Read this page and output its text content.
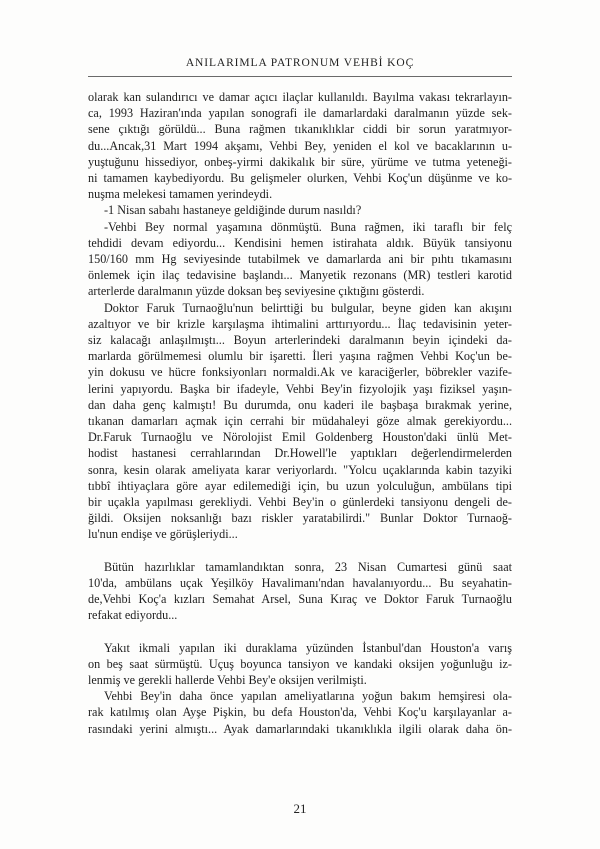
ANILARIMLA PATRONUM VEHBİ KOÇ
olarak kan sulandırıcı ve damar açıcı ilaçlar kullanıldı. Bayılma vakası tekrarlayın-
ca, 1993 Haziran'ında yapılan sonografi ile damarlardaki daralmanın yüzde sek-
sene çıktığı görüldü... Buna rağmen tıkanıklıklar ciddi bir sorun yaratmıyor-
du...Ancak,31 Mart 1994 akşamı, Vehbi Bey, yeniden el kol ve bacaklarının u-
yuştuğunu hissediyor, onbeş-yirmi dakikalık bir süre, yürüme ve tutma yeteneği-
ni tamamen kaybediyordu. Bu gelişmeler olurken, Vehbi Koç'un düşünme ve ko-
nuşma melekesi tamamen yerindeydi.
-1 Nisan sabahı hastaneye geldiğinde durum nasıldı?
-Vehbi Bey normal yaşamına dönmüştü. Buna rağmen, iki taraflı bir felç
tehdidi devam ediyordu... Kendisini hemen istirahata aldık. Büyük tansiyonu
150/160 mm Hg seviyesinde tutabilmek ve damarlarda ani bir pıhtı tıkamasını
önlemek için ilaç tedavisine başlandı... Manyetik rezonans (MR) testleri karotid
arterlerde daralmanın yüzde doksan beş seviyesine çıktığını gösterdi.
Doktor Faruk Turnaoğlu'nun belirttiği bu bulgular, beyne giden kan akışını
azaltıyor ve bir krizle karşılaşma ihtimalini arttırıyordu... İlaç tedavisinin yeter-
siz kalacağı anlaşılmıştı... Boyun arterlerindeki daralmanın beyin içindeki da-
marlarda görülmemesi olumlu bir işaretti. İleri yaşına rağmen Vehbi Koç'un be-
yin dokusu ve hücre fonksiyonları normaldi.Ak ve karaciğerler, böbrekler vazife-
lerini yapıyordu. Başka bir ifadeyle, Vehbi Bey'in fizyolojik yaşı fiziksel yaşın-
dan daha genç kalmıştı! Bu durumda, onu kaderi ile başbaşa bırakmak yerine,
tıkanan damarları açmak için cerrahi bir müdahaleyi göze almak gerekiyordu...
Dr.Faruk Turnaoğlu ve Nörolojist Emil Goldenberg Houston'daki ünlü Met-
hodist hastanesi cerrahlarından Dr.Howell'le yaptıkları değerlendirmelerden
sonra, kesin olarak ameliyata karar veriyorlardı. "Yolcu uçaklarında kabin tazyiki
tıbbî ihtiyaçlara göre ayar edilemediği için, bu uzun yolculuğun, ambülans tipi
bir uçakla yapılması gerekliydi. Vehbi Bey'in o günlerdeki tansiyonu dengeli de-
ğildi. Oksijen noksanlığı bazı riskler yaratabilirdi." Bunlar Doktor Turnaoğ-
lu'nun endişe ve görüşleriydi...
Bütün hazırlıklar tamamlandıktan sonra, 23 Nisan Cumartesi günü saat
10'da, ambülans uçak Yeşilköy Havalimanı'ndan havalanıyordu... Bu seyahatin-
de,Vehbi Koç'a kızları Semahat Arsel, Suna Kıraç ve Doktor Faruk Turnaoğlu
refakat ediyordu...
Yakıt ikmali yapılan iki duraklama yüzünden İstanbul'dan Houston'a varış
on beş saat sürmüştü. Uçuş boyunca tansiyon ve kandaki oksijen yoğunluğu iz-
lenmiş ve gerekli hallerde Vehbi Bey'e oksijen verilmişti.
Vehbi Bey'in daha önce yapılan ameliyatlarına yoğun bakım hemşiresi ola-
rak katılmış olan Ayşe Pişkin, bu defa Houston'da, Vehbi Koç'u karşılayanlar a-
rasındaki yerini almıştı... Ayak damarlarındaki tıkanıklıkla ilgili olarak daha ön-
21
